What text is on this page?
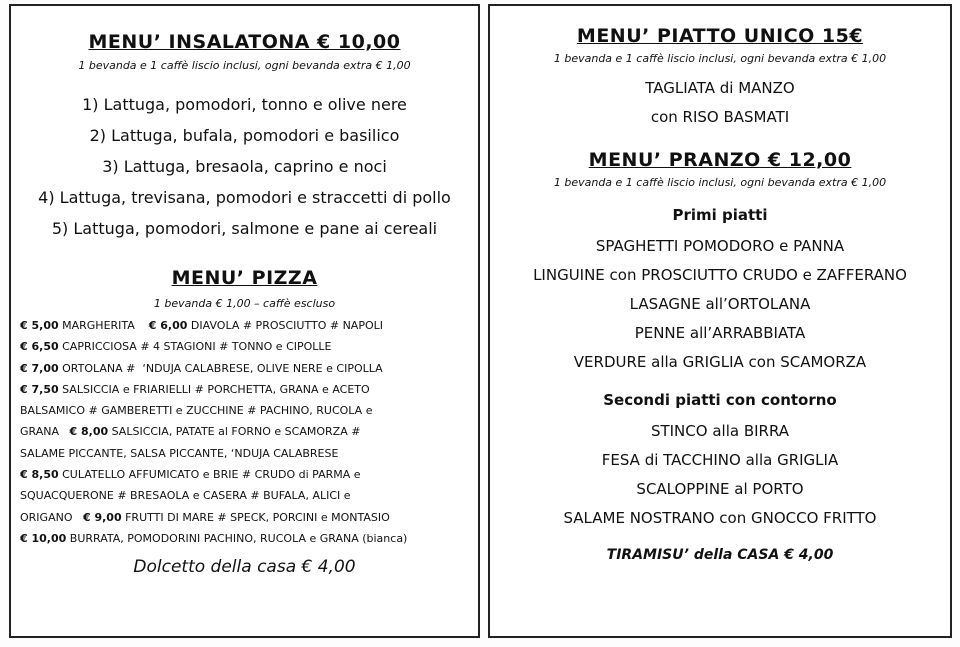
MENU’ INSALATONA € 10,00

1 bevanda e 1 caffè liscio inclusi, ogni bevanda extra € 1,00

1) Lattuga, pomodori, tonno e olive nere
2) Lattuga, bufala, pomodori e basilico
3) Lattuga, bresaola, caprino e noci
4) Lattuga, trevisana, pomodori e straccetti di pollo
5) Lattuga, pomodori, salmone e pane ai cereali
MENU’ PIZZA

1 bevanda € 1,00 – caffè escluso

€ 5,00 MARGHERITA    € 6,00 DIAVOLA # PROSCIUTTO # NAPOLI
€ 6,50 CAPRICCIOSA # 4 STAGIONI # TONNO e CIPOLLE
€ 7,00 ORTOLANA #  ‘NDUJA CALABRESE, OLIVE NERE e CIPOLLA
€ 7,50 SALSICCIA e FRIARIELLI # PORCHETTA, GRANA e ACETO
BALSAMICO # GAMBERETTI e ZUCCHINE # PACHINO, RUCOLA e
GRANA   € 8,00 SALSICCIA, PATATE al FORNO e SCAMORZA #
SALAME PICCANTE, SALSA PICCANTE, ‘NDUJA CALABRESE
€ 8,50 CULATELLO AFFUMICATO e BRIE # CRUDO di PARMA e
SQUACQUERONE # BRESAOLA e CASERA # BUFALA, ALICI e
ORIGANO   € 9,00 FRUTTI DI MARE # SPECK, PORCINI e MONTASIO
€ 10,00 BURRATA, POMODORINI PACHINO, RUCOLA e GRANA (bianca)
Dolcetto della casa € 4,00
MENU’ PIATTO UNICO 15€

1 bevanda e 1 caffè liscio inclusi, ogni bevanda extra € 1,00

TAGLIATA di MANZO
con RISO BASMATI
MENU’ PRANZO € 12,00

1 bevanda e 1 caffè liscio inclusi, ogni bevanda extra € 1,00

Primi piatti
SPAGHETTI POMODORO e PANNA
LINGUINE con PROSCIUTTO CRUDO e ZAFFERANO
LASAGNE all’ORTOLANA
PENNE all’ARRABBIATA
VERDURE alla GRIGLIA con SCAMORZA
Secondi piatti con contorno
STINCO alla BIRRA
FESA di TACCHINO alla GRIGLIA
SCALOPPINE al PORTO
SALAME NOSTRANO con GNOCCO FRITTO
TIRAMISU’ della CASA € 4,00
